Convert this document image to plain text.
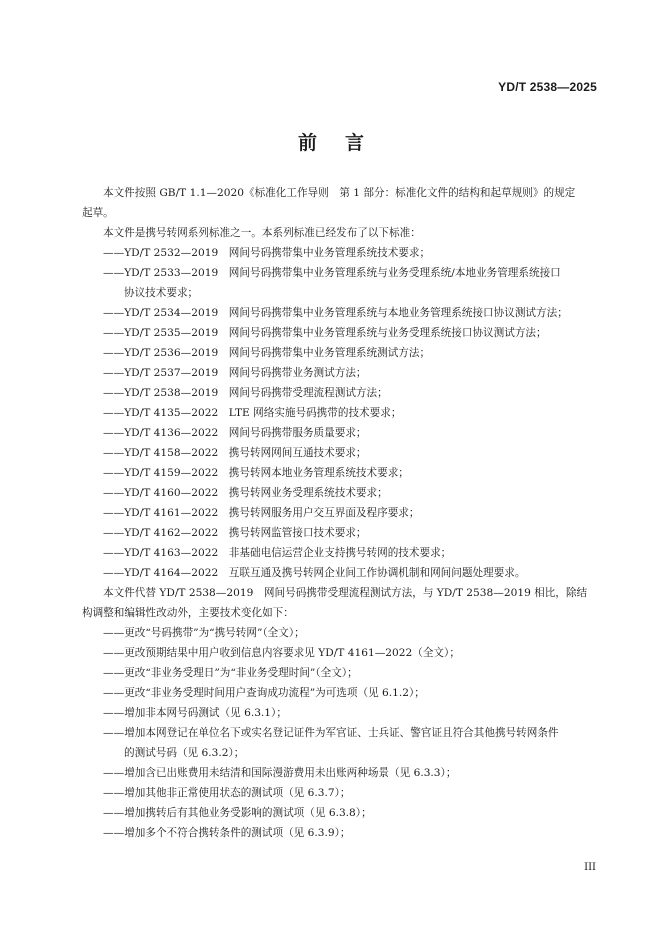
YD/T 2538—2025
前言

本文件按照 GB/T 1.1—2020《标准化工作导则　第 1 部分：标准化文件的结构和起草规则》的规定

起草。

本文件是携号转网系列标准之一。本系列标准已经发布了以下标准：

——YD/T 2532—2019　网间号码携带集中业务管理系统技术要求；

——YD/T 2533—2019　网间号码携带集中业务管理系统与业务受理系统/本地业务管理系统接口

协议技术要求；

——YD/T 2534—2019　网间号码携带集中业务管理系统与本地业务管理系统接口协议测试方法；

——YD/T 2535—2019　网间号码携带集中业务管理系统与业务受理系统接口协议测试方法；

——YD/T 2536—2019　网间号码携带集中业务管理系统测试方法；

——YD/T 2537—2019　网间号码携带业务测试方法；

——YD/T 2538—2019　网间号码携带受理流程测试方法；

——YD/T 4135—2022　LTE 网络实施号码携带的技术要求；

——YD/T 4136—2022　网间号码携带服务质量要求；

——YD/T 4158—2022　携号转网网间互通技术要求；

——YD/T 4159—2022　携号转网本地业务管理系统技术要求；

——YD/T 4160—2022　携号转网业务受理系统技术要求；

——YD/T 4161—2022　携号转网服务用户交互界面及程序要求；

——YD/T 4162—2022　携号转网监管接口技术要求；

——YD/T 4163—2022　非基础电信运营企业支持携号转网的技术要求；

——YD/T 4164—2022　互联互通及携号转网企业间工作协调机制和网间问题处理要求。

本文件代替 YD/T 2538—2019　网间号码携带受理流程测试方法，与 YD/T 2538—2019 相比，除结

构调整和编辑性改动外，主要技术变化如下：

——更改“号码携带”为“携号转网”（全文）；

——更改预期结果中用户收到信息内容要求见 YD/T 4161—2022（全文）；

——更改“非业务受理日”为“非业务受理时间”（全文）；

——更改“非业务受理时间用户查询成功流程”为可选项（见 6.1.2）；

——增加非本网号码测试（见 6.3.1）；

——增加本网登记在单位名下或实名登记证件为军官证、士兵证、警官证且符合其他携号转网条件

的测试号码（见 6.3.2）；

——增加含已出账费用未结清和国际漫游费用未出账两种场景（见 6.3.3）；

——增加其他非正常使用状态的测试项（见 6.3.7）；

——增加携转后有其他业务受影响的测试项（见 6.3.8）；

——增加多个不符合携转条件的测试项（见 6.3.9）；

III
